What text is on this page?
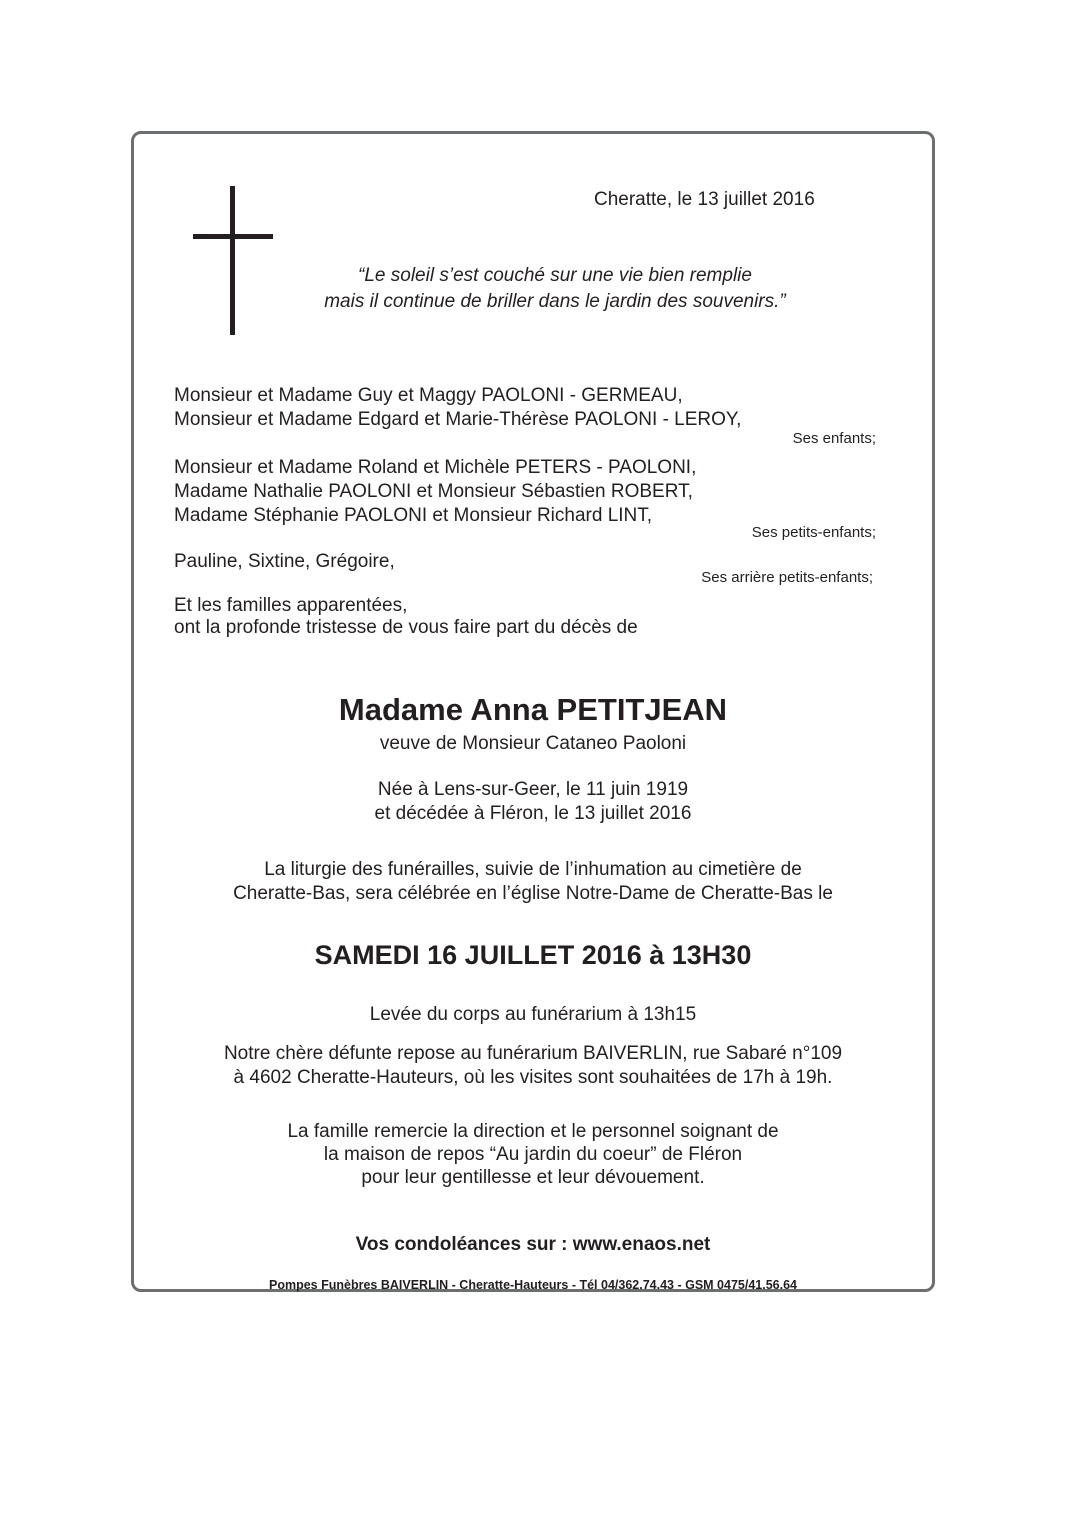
Cheratte, le 13 juillet 2016
“Le soleil s’est couché sur une vie bien remplie
mais il continue de briller dans le jardin des souvenirs.”
Monsieur et Madame Guy et Maggy PAOLONI - GERMEAU,
Monsieur et Madame Edgard et Marie-Thérèse PAOLONI - LEROY,
Ses enfants;
Monsieur et Madame Roland et Michèle PETERS - PAOLONI,
Madame Nathalie PAOLONI et Monsieur Sébastien ROBERT,
Madame Stéphanie PAOLONI et Monsieur Richard LINT,
Ses petits-enfants;
Pauline, Sixtine, Grégoire,
Ses arrière petits-enfants;
Et les familles apparentées,
ont la profonde tristesse de vous faire part du décès de
Madame Anna PETITJEAN
veuve de Monsieur Cataneo Paoloni
Née à Lens-sur-Geer, le 11 juin 1919
et décédée à Fléron, le 13 juillet 2016
La liturgie des funérailles, suivie de l’inhumation au cimetière de
Cheratte-Bas, sera célébrée en l’église Notre-Dame de Cheratte-Bas le
SAMEDI 16 JUILLET 2016 à 13H30
Levée du corps au funérarium à 13h15
Notre chère défunte repose au funérarium BAIVERLIN, rue Sabaré n°109
à 4602 Cheratte-Hauteurs, où les visites sont souhaitées de 17h à 19h.
La famille remercie la direction et le personnel soignant de
la maison de repos “Au jardin du coeur” de Fléron
pour leur gentillesse et leur dévouement.
Vos condoléances sur : www.enaos.net
Pompes Funèbres BAIVERLIN - Cheratte-Hauteurs - Tél 04/362.74.43 - GSM 0475/41.56.64
